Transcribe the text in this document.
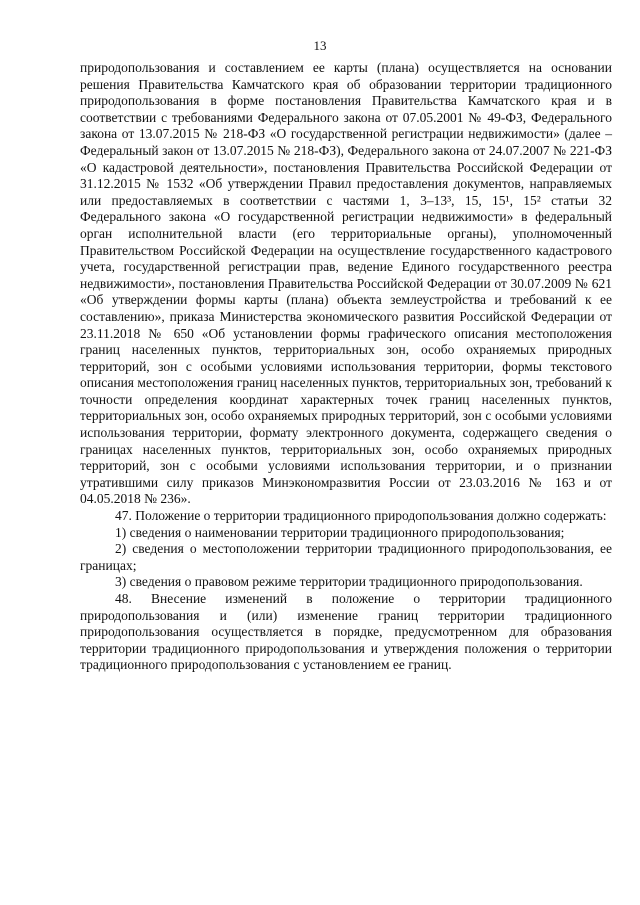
13

природопользования и составлением ее карты (плана) осуществляется на основании решения Правительства Камчатского края об образовании территории традиционного природопользования в форме постановления Правительства Камчатского края и в соответствии с требованиями Федерального закона от 07.05.2001 № 49-ФЗ, Федерального закона от 13.07.2015 № 218-ФЗ «О государственной регистрации недвижимости» (далее – Федеральный закон от 13.07.2015 № 218-ФЗ), Федерального закона от 24.07.2007 № 221-ФЗ «О кадастровой деятельности», постановления Правительства Российской Федерации от 31.12.2015 № 1532 «Об утверждении Правил предоставления документов, направляемых или предоставляемых в соответствии с частями 1, 3–13³, 15, 15¹, 15² статьи 32 Федерального закона «О государственной регистрации недвижимости» в федеральный орган исполнительной власти (его территориальные органы), уполномоченный Правительством Российской Федерации на осуществление государственного кадастрового учета, государственной регистрации прав, ведение Единого государственного реестра недвижимости», постановления Правительства Российской Федерации от 30.07.2009 № 621 «Об утверждении формы карты (плана) объекта землеустройства и требований к ее составлению», приказа Министерства экономического развития Российской Федерации от 23.11.2018 № 650 «Об установлении формы графического описания местоположения границ населенных пунктов, территориальных зон, особо охраняемых природных территорий, зон с особыми условиями использования территории, формы текстового описания местоположения границ населенных пунктов, территориальных зон, требований к точности определения координат характерных точек границ населенных пунктов, территориальных зон, особо охраняемых природных территорий, зон с особыми условиями использования территории, формату электронного документа, содержащего сведения о границах населенных пунктов, территориальных зон, особо охраняемых природных территорий, зон с особыми условиями использования территории, и о признании утратившими силу приказов Минэкономразвития России от 23.03.2016 № 163 и от 04.05.2018 № 236».

47. Положение о территории традиционного природопользования должно содержать:

1) сведения о наименовании территории традиционного природопользования;

2) сведения о местоположении территории традиционного природопользования, ее границах;

3) сведения о правовом режиме территории традиционного природопользования.

48. Внесение изменений в положение о территории традиционного природопользования и (или) изменение границ территории традиционного природопользования осуществляется в порядке, предусмотренном для образования территории традиционного природопользования и утверждения положения о территории традиционного природопользования с установлением ее границ.
